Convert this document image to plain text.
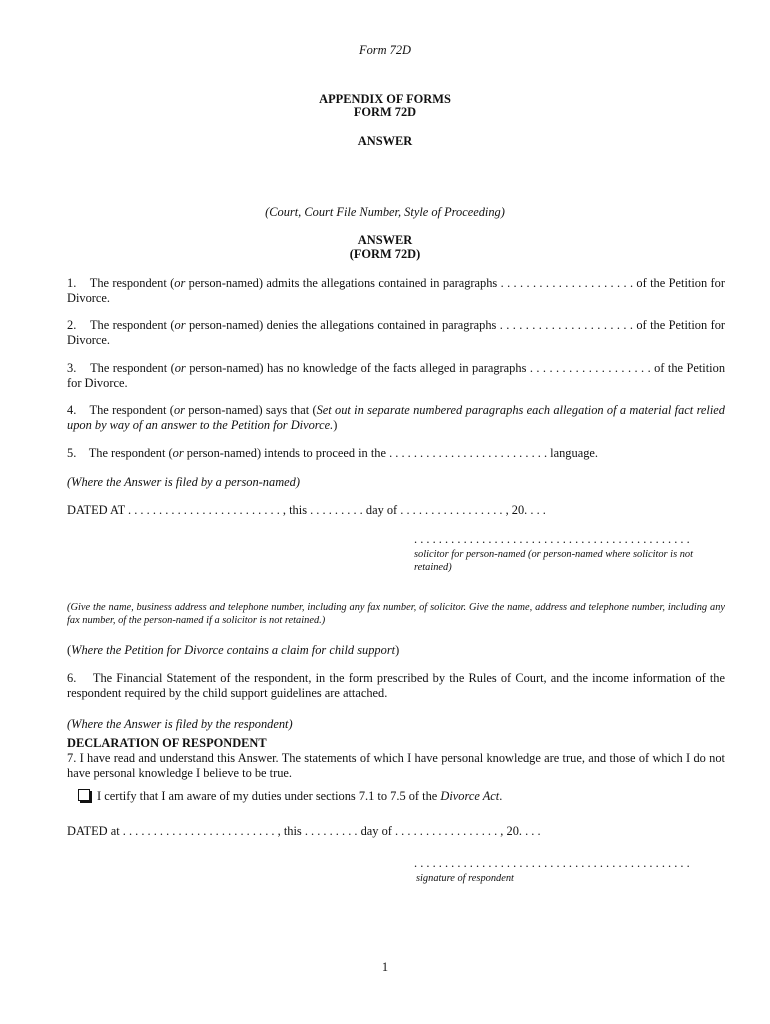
Form 72D
APPENDIX OF FORMS
FORM 72D
ANSWER
(Court, Court File Number, Style of Proceeding)
ANSWER
(FORM 72D)
1. The respondent (or person-named) admits the allegations contained in paragraphs . . . . . . . . . . . . . . . . . . . . . of the Petition for Divorce.
2. The respondent (or person-named) denies the allegations contained in paragraphs . . . . . . . . . . . . . . . . . . . . . of the Petition for Divorce.
3. The respondent (or person-named) has no knowledge of the facts alleged in paragraphs . . . . . . . . . . . . . . . . . . . of the Petition for Divorce.
4. The respondent (or person-named) says that (Set out in separate numbered paragraphs each allegation of a material fact relied upon by way of an answer to the Petition for Divorce.)
5. The respondent (or person-named) intends to proceed in the . . . . . . . . . . . . . . . . . . . . . . . . . . language.
(Where the Answer is filed by a person-named)
DATED AT . . . . . . . . . . . . . . . . . . . . . . . . . , this . . . . . . . . . day of . . . . . . . . . . . . . . . . . , 20. . . .
. . . . . . . . . . . . . . . . . . . . . . . . . . . . . . . . . . . . . . . . . . . . .
solicitor for person-named (or person-named where solicitor is not retained)
(Give the name, business address and telephone number, including any fax number, of solicitor. Give the name, address and telephone number, including any fax number, of the person-named if a solicitor is not retained.)
(Where the Petition for Divorce contains a claim for child support)
6. The Financial Statement of the respondent, in the form prescribed by the Rules of Court, and the income information of the respondent required by the child support guidelines are attached.
(Where the Answer is filed by the respondent)
DECLARATION OF RESPONDENT
7. I have read and understand this Answer. The statements of which I have personal knowledge are true, and those of which I do not have personal knowledge I believe to be true.
I certify that I am aware of my duties under sections 7.1 to 7.5 of the Divorce Act.
DATED at . . . . . . . . . . . . . . . . . . . . . . . . . , this . . . . . . . . . day of . . . . . . . . . . . . . . . . . , 20. . . .
. . . . . . . . . . . . . . . . . . . . . . . . . . . . . . . . . . . . . . . . . . . . .
signature of respondent
1
